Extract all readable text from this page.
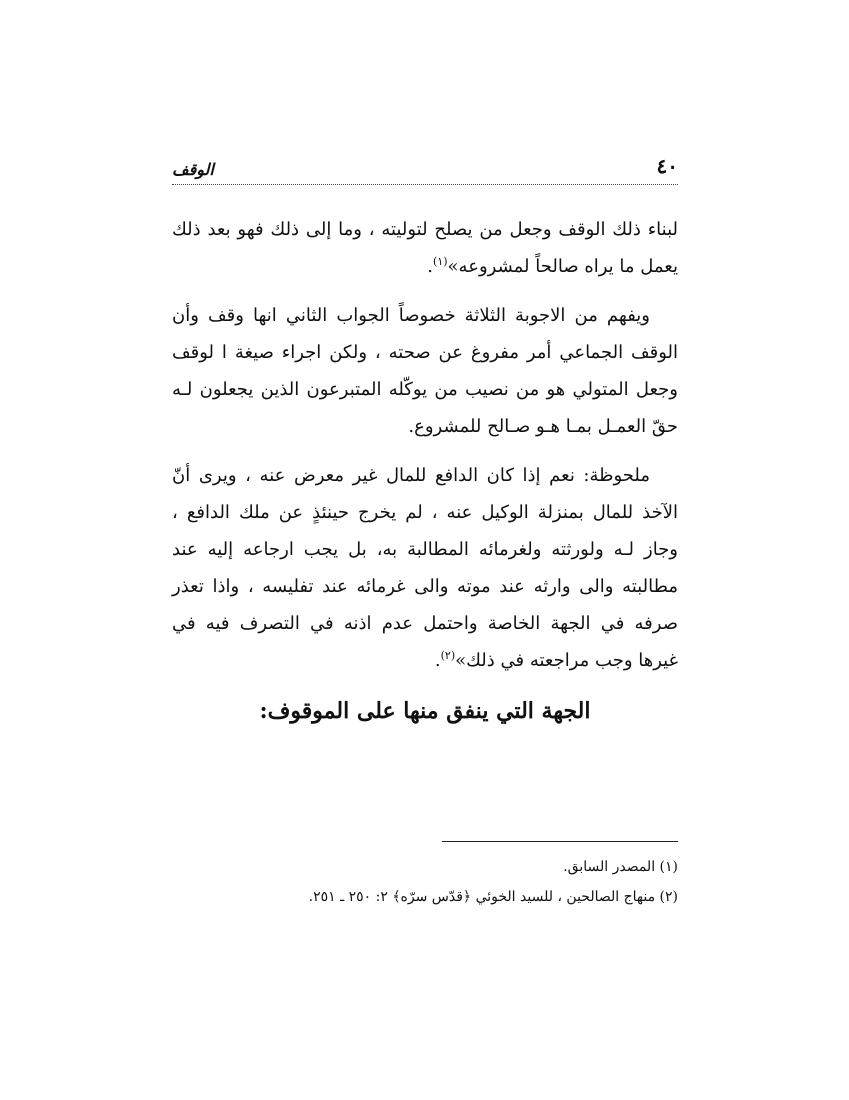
٤٠
الوقف

لبناء ذلك الوقف وجعل من يصلح لتوليته ، وما إلى ذلك فهو بعد ذلك يعمل ما يراه صالحاً لمشروعه»$^{(١)}$.

ويفهم من الاجوبة الثلاثة خصوصاً الجواب الثاني انها وقف وأن الوقف الجماعي أمر مفروغ عن صحته ، ولكن اجراء صيغة ا لوقف وجعل المتولي هو من نصيب من يوكّله المتبرعون الذين يجعلون لـه حقّ العمـل بمـا هـو صـالح للمشروع.

ملحوظة: نعم إذا كان الدافع للمال غير معرض عنه ، ويرى أنّ الآخذ للمال بمنزلة الوكيل عنه ، لم يخرج حينئذٍ عن ملك الدافع ، وجاز لـه ولورثته ولغرمائه المطالبة به، بل يجب ارجاعه إليه عند مطالبته والى وارثه عند موته والى غرمائه عند تفليسه ، واذا تعذر صرفه في الجهة الخاصة واحتمل عدم اذنه في التصرف فيه في غيرها وجب مراجعته في ذلك»$^{(٢)}$.

الجهة التي ينفق منها على الموقوف:

(١) المصدر السابق.

(٢) منهاج الصالحين ، للسيد الخوئي ﴿قدّس سرّه﴾ ٢: ٢٥٠ ـ ٢٥١.
